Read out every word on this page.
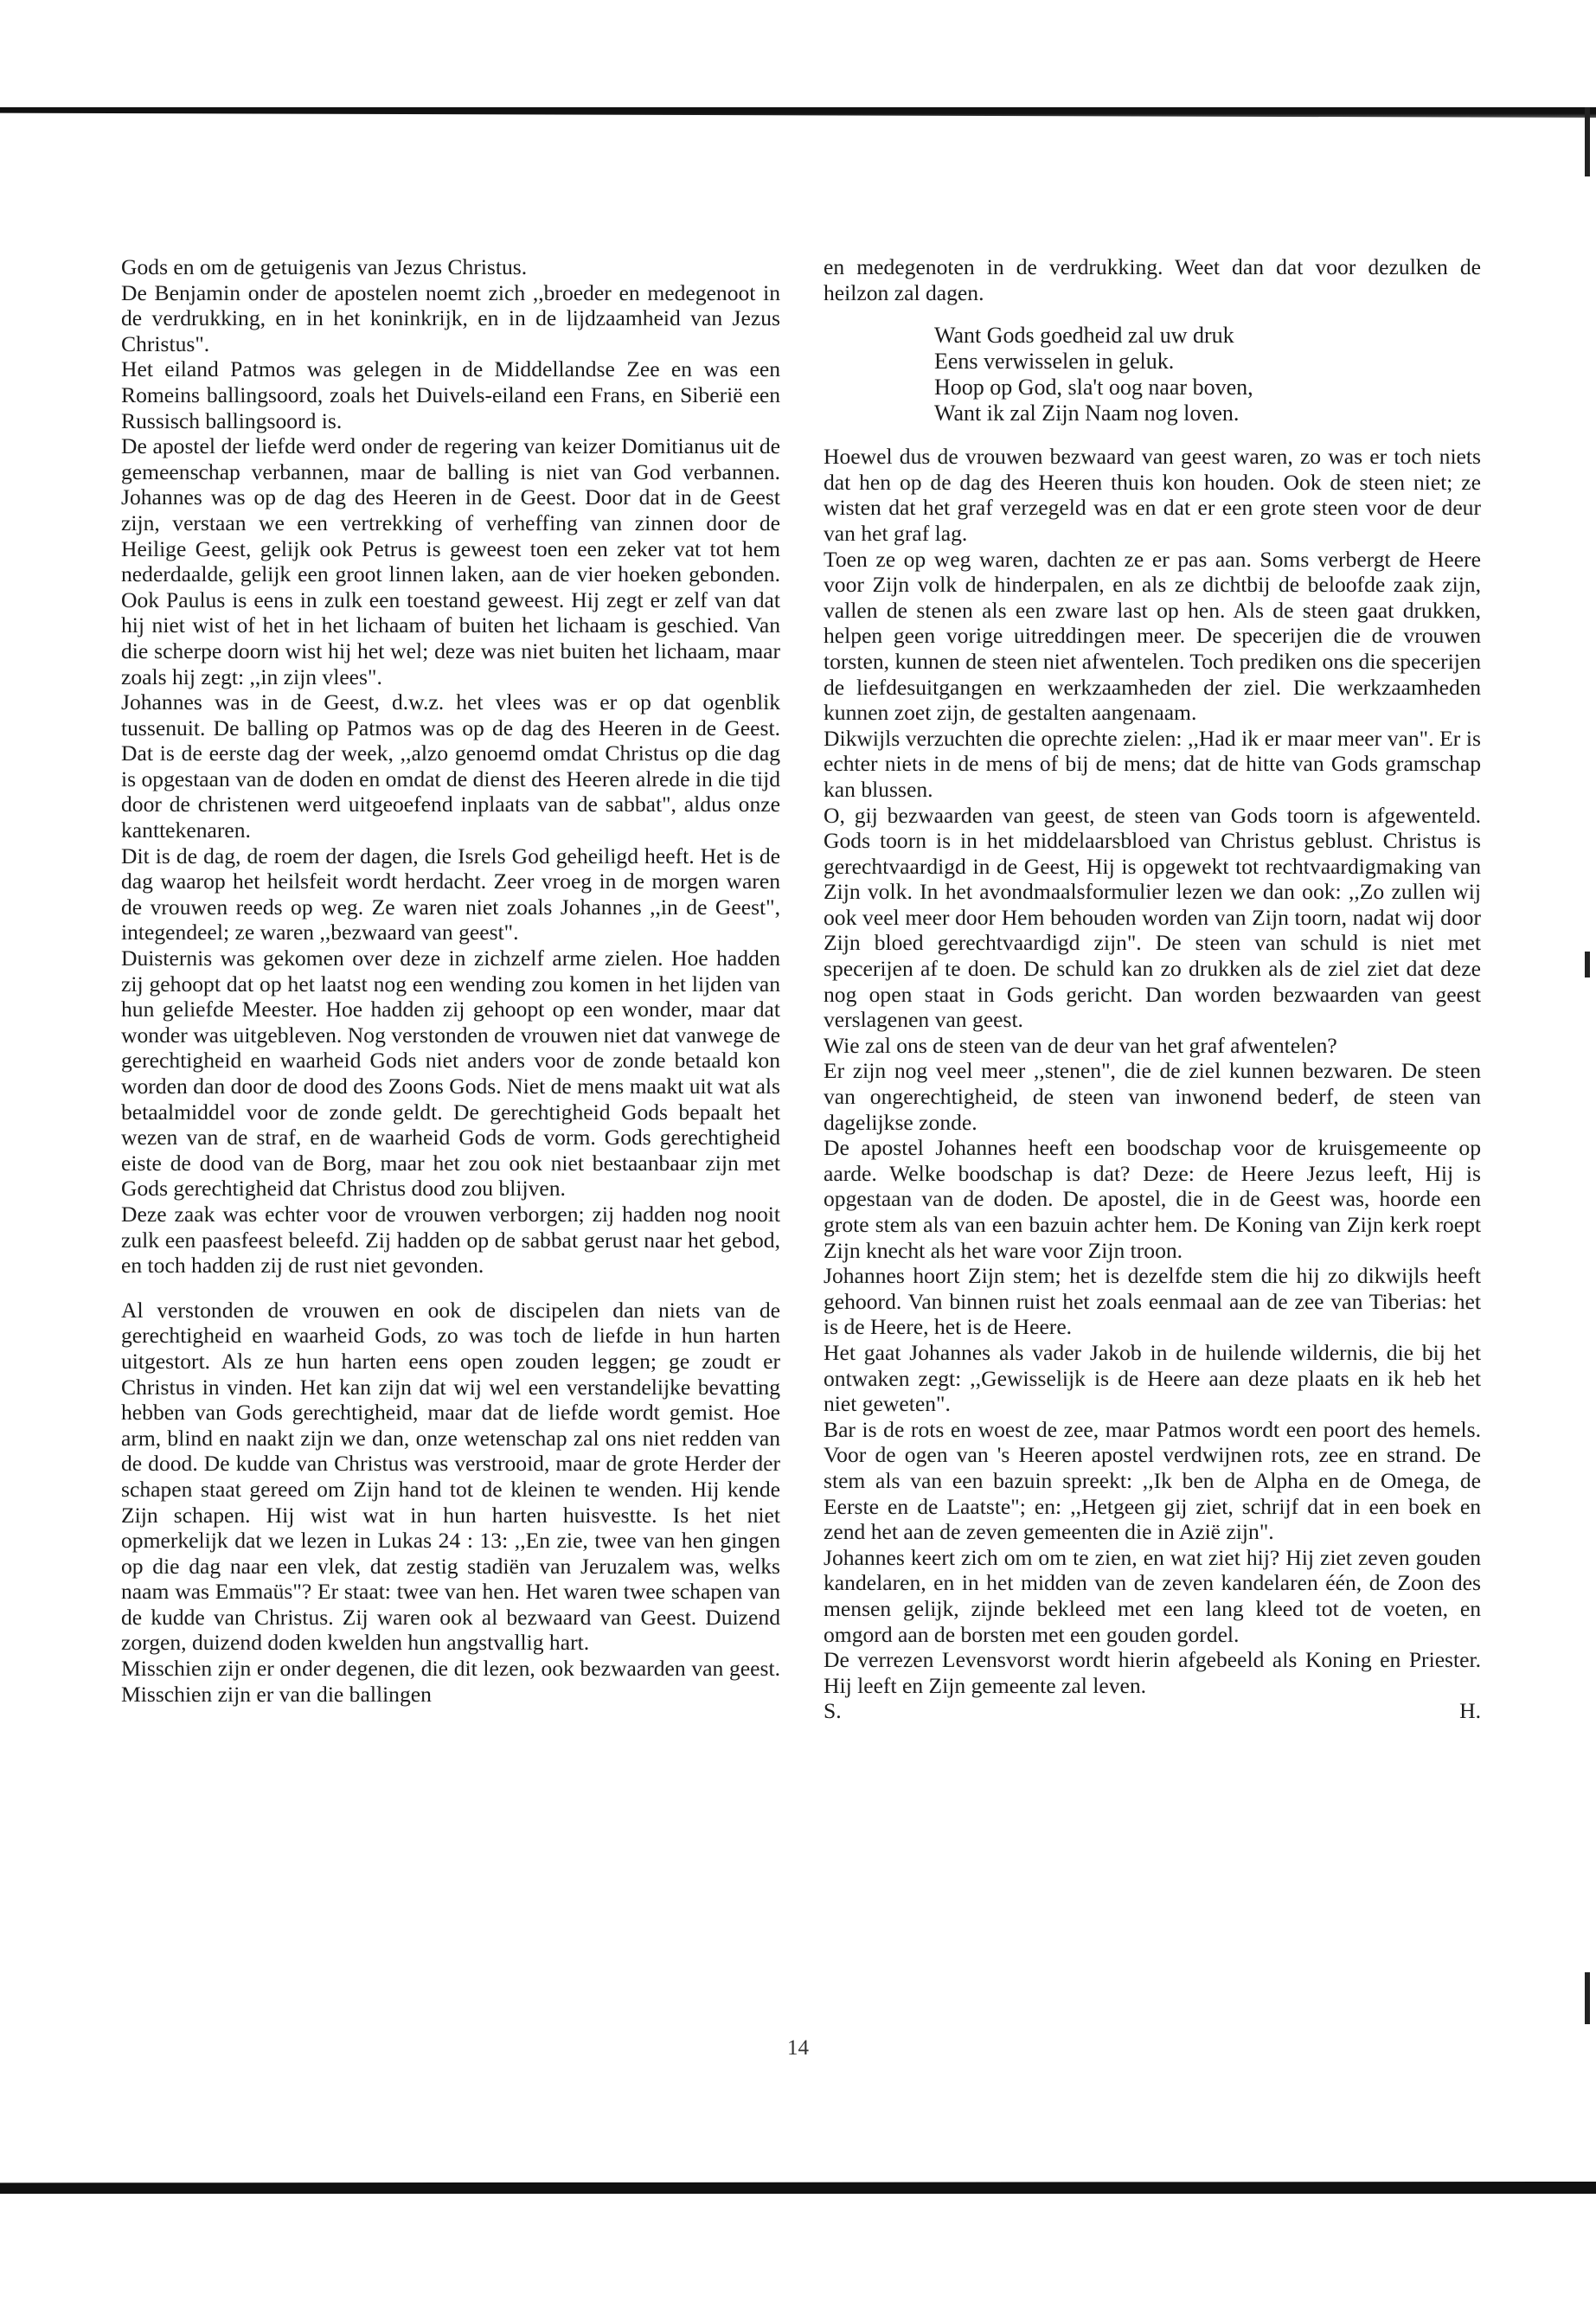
Gods en om de getuigenis van Jezus Christus.

De Benjamin onder de apostelen noemt zich ,,broeder en medegenoot in de verdrukking, en in het koninkrijk, en in de lijdzaamheid van Jezus Christus".

Het eiland Patmos was gelegen in de Middellandse Zee en was een Romeins ballingsoord, zoals het Duivels-eiland een Frans, en Siberië een Russisch ballingsoord is.

De apostel der liefde werd onder de regering van keizer Domitianus uit de gemeenschap verbannen, maar de balling is niet van God verbannen. Johannes was op de dag des Heeren in de Geest. Door dat in de Geest zijn, verstaan we een vertrekking of verheffing van zinnen door de Heilige Geest, gelijk ook Petrus is geweest toen een zeker vat tot hem nederdaalde, gelijk een groot linnen laken, aan de vier hoeken gebonden. Ook Paulus is eens in zulk een toestand geweest. Hij zegt er zelf van dat hij niet wist of het in het lichaam of buiten het lichaam is geschied. Van die scherpe doorn wist hij het wel; deze was niet buiten het lichaam, maar zoals hij zegt: ,,in zijn vlees".

Johannes was in de Geest, d.w.z. het vlees was er op dat ogenblik tussenuit. De balling op Patmos was op de dag des Heeren in de Geest. Dat is de eerste dag der week, ,,alzo genoemd omdat Christus op die dag is opgestaan van de doden en omdat de dienst des Heeren alrede in die tijd door de christenen werd uitgeoefend inplaats van de sabbat", aldus onze kanttekenaren.

Dit is de dag, de roem der dagen, die Isrels God geheiligd heeft. Het is de dag waarop het heilsfeit wordt herdacht. Zeer vroeg in de morgen waren de vrouwen reeds op weg. Ze waren niet zoals Johannes ,,in de Geest", integendeel; ze waren ,,bezwaard van geest".

Duisternis was gekomen over deze in zichzelf arme zielen. Hoe hadden zij gehoopt dat op het laatst nog een wending zou komen in het lijden van hun geliefde Meester. Hoe hadden zij gehoopt op een wonder, maar dat wonder was uitgebleven. Nog verstonden de vrouwen niet dat vanwege de gerechtigheid en waarheid Gods niet anders voor de zonde betaald kon worden dan door de dood des Zoons Gods. Niet de mens maakt uit wat als betaalmiddel voor de zonde geldt. De gerechtigheid Gods bepaalt het wezen van de straf, en de waarheid Gods de vorm. Gods gerechtigheid eiste de dood van de Borg, maar het zou ook niet bestaanbaar zijn met Gods gerechtigheid dat Christus dood zou blijven.

Deze zaak was echter voor de vrouwen verborgen; zij hadden nog nooit zulk een paasfeest beleefd. Zij hadden op de sabbat gerust naar het gebod, en toch hadden zij de rust niet gevonden.

Al verstonden de vrouwen en ook de discipelen dan niets van de gerechtigheid en waarheid Gods, zo was toch de liefde in hun harten uitgestort. Als ze hun harten eens open zouden leggen; ge zoudt er Christus in vinden. Het kan zijn dat wij wel een verstandelijke bevatting hebben van Gods gerechtigheid, maar dat de liefde wordt gemist. Hoe arm, blind en naakt zijn we dan, onze wetenschap zal ons niet redden van de dood. De kudde van Christus was verstrooid, maar de grote Herder der schapen staat gereed om Zijn hand tot de kleinen te wenden. Hij kende Zijn schapen. Hij wist wat in hun harten huisvestte. Is het niet opmerkelijk dat we lezen in Lukas 24 : 13: ,,En zie, twee van hen gingen op die dag naar een vlek, dat zestig stadiën van Jeruzalem was, welks naam was Emmaüs"? Er staat: twee van hen. Het waren twee schapen van de kudde van Christus. Zij waren ook al bezwaard van Geest. Duizend zorgen, duizend doden kwelden hun angstvallig hart.

Misschien zijn er onder degenen, die dit lezen, ook bezwaarden van geest. Misschien zijn er van die ballingen

en medegenoten in de verdrukking. Weet dan dat voor dezulken de heilzon zal dagen.

Want Gods goedheid zal uw druk
Eens verwisselen in geluk.
Hoop op God, sla't oog naar boven,
Want ik zal Zijn Naam nog loven.

Hoewel dus de vrouwen bezwaard van geest waren, zo was er toch niets dat hen op de dag des Heeren thuis kon houden. Ook de steen niet; ze wisten dat het graf verzegeld was en dat er een grote steen voor de deur van het graf lag.

Toen ze op weg waren, dachten ze er pas aan. Soms verbergt de Heere voor Zijn volk de hinderpalen, en als ze dichtbij de beloofde zaak zijn, vallen de stenen als een zware last op hen. Als de steen gaat drukken, helpen geen vorige uitreddingen meer. De specerijen die de vrouwen torsten, kunnen de steen niet afwentelen. Toch prediken ons die specerijen de liefdesuitgangen en werkzaamheden der ziel. Die werkzaamheden kunnen zoet zijn, de gestalten aangenaam.

Dikwijls verzuchten die oprechte zielen: ,,Had ik er maar meer van". Er is echter niets in de mens of bij de mens; dat de hitte van Gods gramschap kan blussen.

O, gij bezwaarden van geest, de steen van Gods toorn is afgewenteld. Gods toorn is in het middelaarsbloed van Christus geblust. Christus is gerechtvaardigd in de Geest, Hij is opgewekt tot rechtvaardigmaking van Zijn volk. In het avondmaalsformulier lezen we dan ook: ,,Zo zullen wij ook veel meer door Hem behouden worden van Zijn toorn, nadat wij door Zijn bloed gerechtvaardigd zijn". De steen van schuld is niet met specerijen af te doen. De schuld kan zo drukken als de ziel ziet dat deze nog open staat in Gods gericht. Dan worden bezwaarden van geest verslagenen van geest.

Wie zal ons de steen van de deur van het graf afwentelen?

Er zijn nog veel meer ,,stenen", die de ziel kunnen bezwaren. De steen van ongerechtigheid, de steen van inwonend bederf, de steen van dagelijkse zonde.

De apostel Johannes heeft een boodschap voor de kruisgemeente op aarde. Welke boodschap is dat? Deze: de Heere Jezus leeft, Hij is opgestaan van de doden. De apostel, die in de Geest was, hoorde een grote stem als van een bazuin achter hem. De Koning van Zijn kerk roept Zijn knecht als het ware voor Zijn troon.

Johannes hoort Zijn stem; het is dezelfde stem die hij zo dikwijls heeft gehoord. Van binnen ruist het zoals eenmaal aan de zee van Tiberias: het is de Heere, het is de Heere.

Het gaat Johannes als vader Jakob in de huilende wildernis, die bij het ontwaken zegt: ,,Gewisselijk is de Heere aan deze plaats en ik heb het niet geweten".

Bar is de rots en woest de zee, maar Patmos wordt een poort des hemels. Voor de ogen van 's Heeren apostel verdwijnen rots, zee en strand. De stem als van een bazuin spreekt: ,,Ik ben de Alpha en de Omega, de Eerste en de Laatste"; en: ,,Hetgeen gij ziet, schrijf dat in een boek en zend het aan de zeven gemeenten die in Azië zijn".

Johannes keert zich om om te zien, en wat ziet hij? Hij ziet zeven gouden kandelaren, en in het midden van de zeven kandelaren één, de Zoon des mensen gelijk, zijnde bekleed met een lang kleed tot de voeten, en omgord aan de borsten met een gouden gordel.

De verrezen Levensvorst wordt hierin afgebeeld als Koning en Priester. Hij leeft en Zijn gemeente zal leven.

S.	H.
14
